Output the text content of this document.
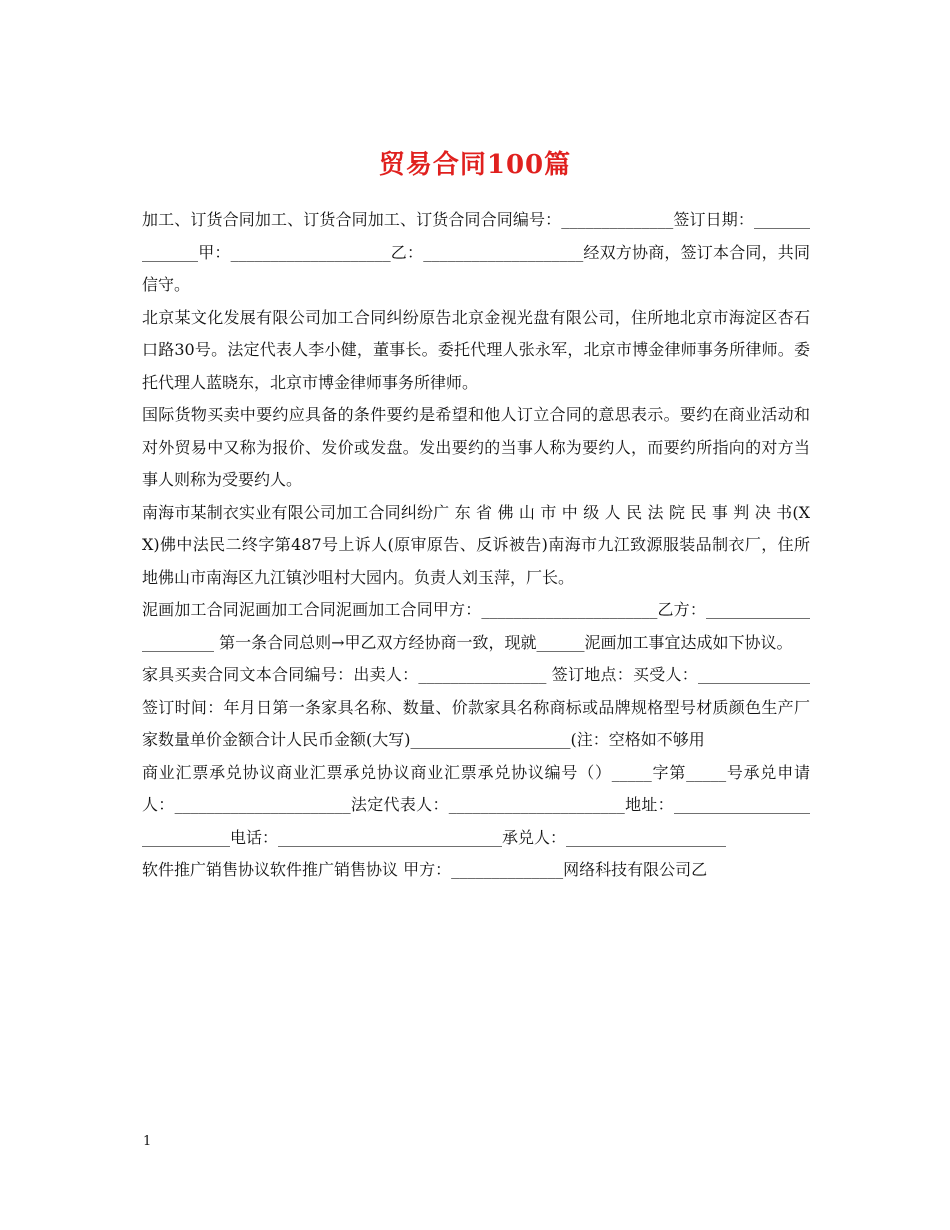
贸易合同100篇

加工、订货合同加工、订货合同加工、订货合同合同编号：______________签订日期：______________甲：____________________乙：____________________经双方协商，签订本合同，共同信守。

北京某文化发展有限公司加工合同纠纷原告北京金视光盘有限公司，住所地北京市海淀区杏石口路30号。法定代表人李小健，董事长。委托代理人张永军，北京市博金律师事务所律师。委托代理人蓝晓东，北京市博金律师事务所律师。

国际货物买卖中要约应具备的条件要约是希望和他人订立合同的意思表示。要约在商业活动和对外贸易中又称为报价、发价或发盘。发出要约的当事人称为要约人，而要约所指向的对方当事人则称为受要约人。

南海市某制衣实业有限公司加工合同纠纷广 东 省 佛 山 市 中 级 人 民 法 院 民 事 判 决 书(XX)佛中法民二终字第487号上诉人(原审原告、反诉被告)南海市九江致源服装品制衣厂，住所地佛山市南海区九江镇沙咀村大园内。负责人刘玉萍，厂长。

泥画加工合同泥画加工合同泥画加工合同甲方：______________________乙方：______________________ 第一条合同总则→甲乙双方经协商一致，现就______泥画加工事宜达成如下协议。

家具买卖合同文本合同编号：出卖人：________________ 签订地点：买受人：______________签订时间：年月日第一条家具名称、数量、价款家具名称商标或品牌规格型号材质颜色生产厂家数量单价金额合计人民币金额(大写)____________________(注：空格如不够用

商业汇票承兑协议商业汇票承兑协议商业汇票承兑协议编号（）_____字第_____号承兑申请人：______________________法定代表人：______________________地址：____________________________电话：____________________________承兑人：____________________

软件推广销售协议软件推广销售协议 甲方：______________网络科技有限公司乙

1
